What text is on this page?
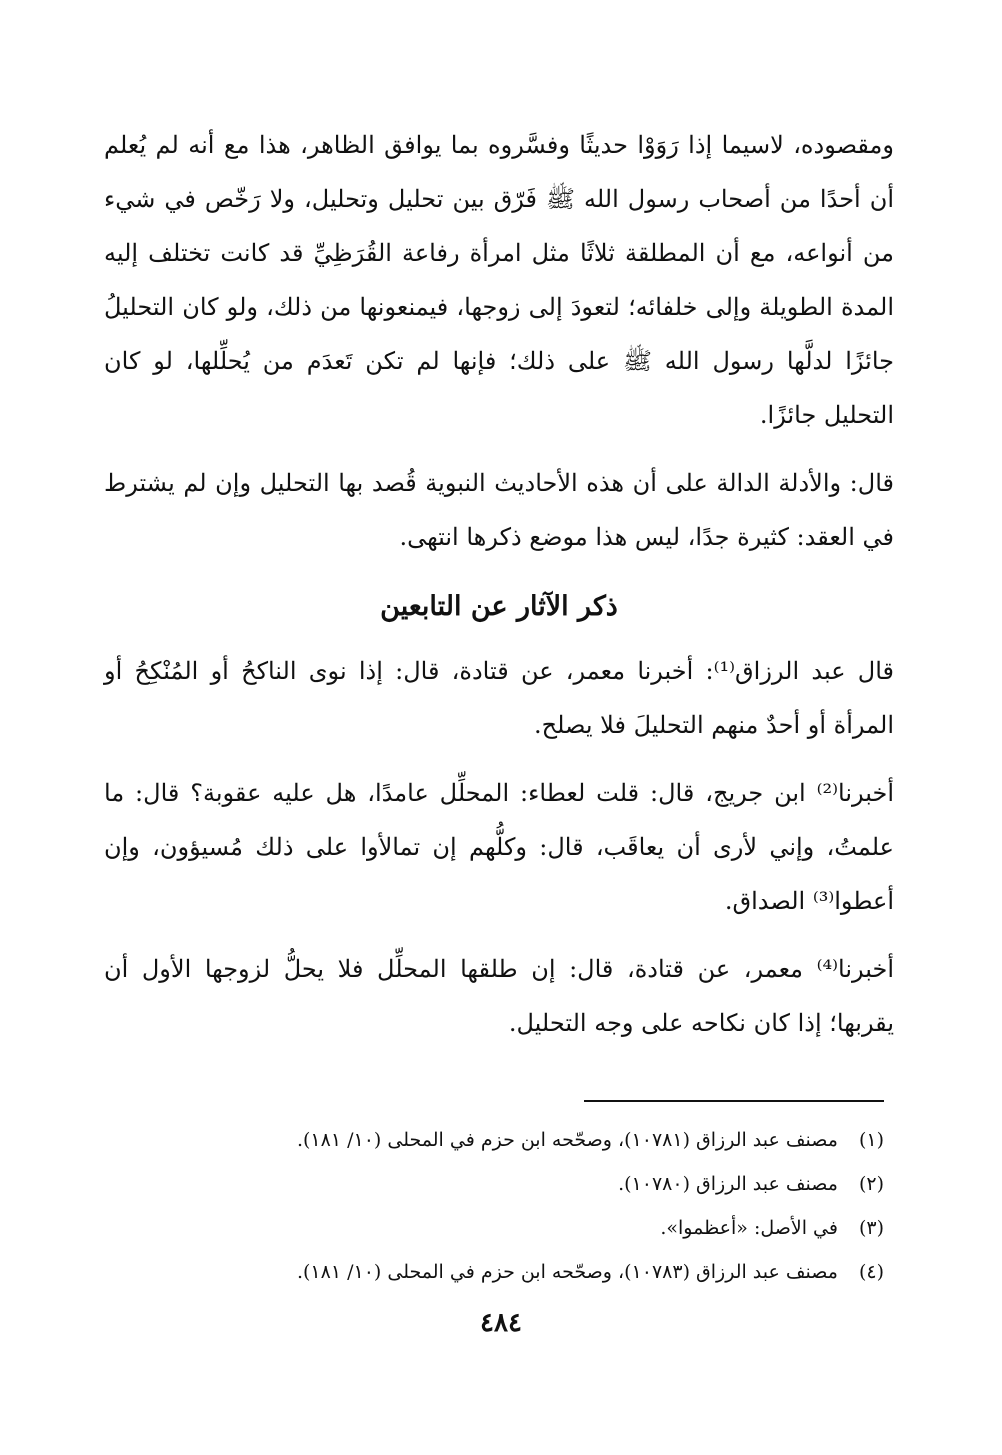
ومقصوده، لاسيما إذا رَوَوْا حديثًا وفسَّروه بما يوافق الظاهر، هذا مع أنه لم يُعلم أن أحدًا من أصحاب رسول الله ﷺ فَرّق بين تحليل وتحليل، ولا رَخّص في شيء من أنواعه، مع أن المطلقة ثلاثًا مثل امرأة رفاعة القُرَظِيِّ قد كانت تختلف إليه المدة الطويلة وإلى خلفائه؛ لتعودَ إلى زوجها، فيمنعونها من ذلك، ولو كان التحليلُ جائزًا لدلَّها رسول الله ﷺ على ذلك؛ فإنها لم تكن تَعدَم من يُحلِّلها، لو كان التحليل جائزًا.

قال: والأدلة الدالة على أن هذه الأحاديث النبوية قُصد بها التحليل وإن لم يشترط في العقد: كثيرة جدًا، ليس هذا موضع ذكرها انتهى.

ذكر الآثار عن التابعين

قال عبد الرزاق⁽¹⁾: أخبرنا معمر، عن قتادة، قال: إذا نوى الناكحُ أو المُنْكِحُ أو المرأة أو أحدٌ منهم التحليلَ فلا يصلح.

أخبرنا⁽²⁾ ابن جريج، قال: قلت لعطاء: المحلِّل عامدًا، هل عليه عقوبة؟ قال: ما علمتُ، وإني لأرى أن يعاقَب، قال: وكلُّهم إن تمالأوا على ذلك مُسيؤون، وإن أعطوا⁽³⁾ الصداق.

أخبرنا⁽⁴⁾ معمر، عن قتادة، قال: إن طلقها المحلِّل فلا يحلُّ لزوجها الأول أن يقربها؛ إذا كان نكاحه على وجه التحليل.

(١) مصنف عبد الرزاق (١٠٧٨١)، وصحّحه ابن حزم في المحلى (١٠/ ١٨١).
(٢) مصنف عبد الرزاق (١٠٧٨٠).
(٣) في الأصل: «أعظموا».
(٤) مصنف عبد الرزاق (١٠٧٨٣)، وصحّحه ابن حزم في المحلى (١٠/ ١٨١).
٤٨٤
